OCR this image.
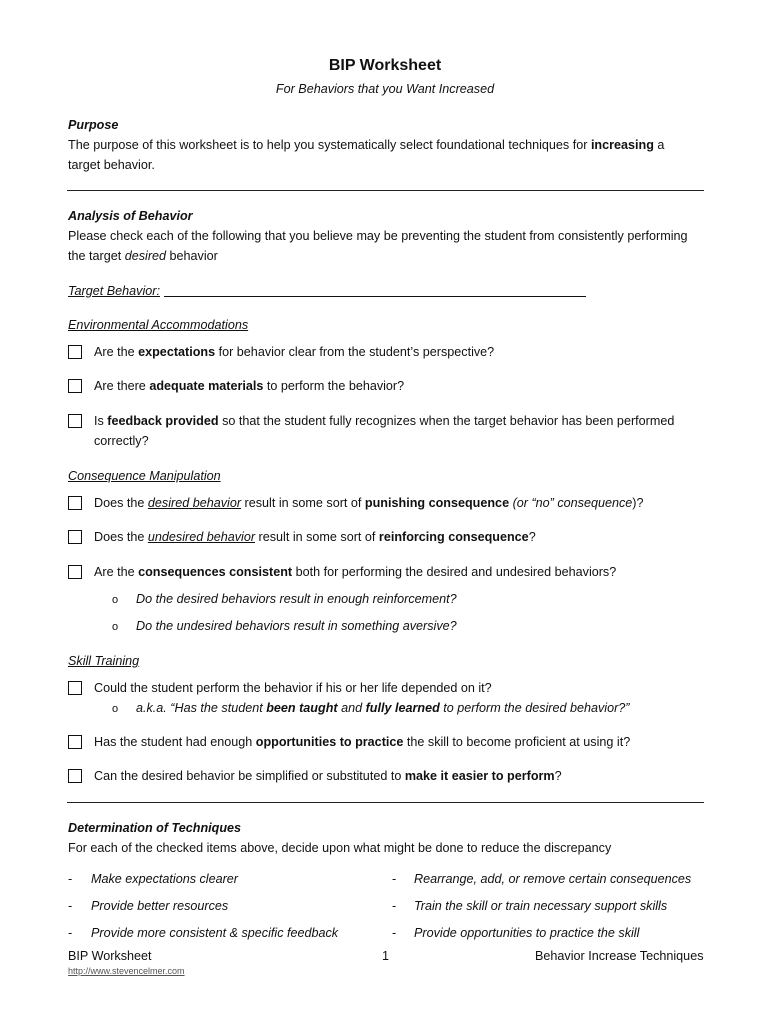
BIP Worksheet
For Behaviors that you Want Increased
Purpose
The purpose of this worksheet is to help you systematically select foundational techniques for increasing a
target behavior.
Analysis of Behavior
Please check each of the following that you believe may be preventing the student from consistently performing
the target desired behavior
Target Behavior:
Environmental Accommodations
Are the expectations for behavior clear from the student’s perspective?
Are there adequate materials to perform the behavior?
Is feedback provided so that the student fully recognizes when the target behavior has been performed
correctly?
Consequence Manipulation
Does the desired behavior result in some sort of punishing consequence (or “no” consequence)?
Does the undesired behavior result in some sort of reinforcing consequence?
Are the consequences consistent both for performing the desired and undesired behaviors?
o Do the desired behaviors result in enough reinforcement?
o Do the undesired behaviors result in something aversive?
Skill Training
Could the student perform the behavior if his or her life depended on it?
o a.k.a. “Has the student been taught and fully learned to perform the desired behavior?”
Has the student had enough opportunities to practice the skill to become proficient at using it?
Can the desired behavior be simplified or substituted to make it easier to perform?
Determination of Techniques
For each of the checked items above, decide upon what might be done to reduce the discrepancy
- Make expectations clearer	- Rearrange, add, or remove certain consequences
- Provide better resources	- Train the skill or train necessary support skills
- Provide more consistent & specific feedback	- Provide opportunities to practice the skill
BIP Worksheet	1	Behavior Increase Techniques
http://www.stevencelmer.com
